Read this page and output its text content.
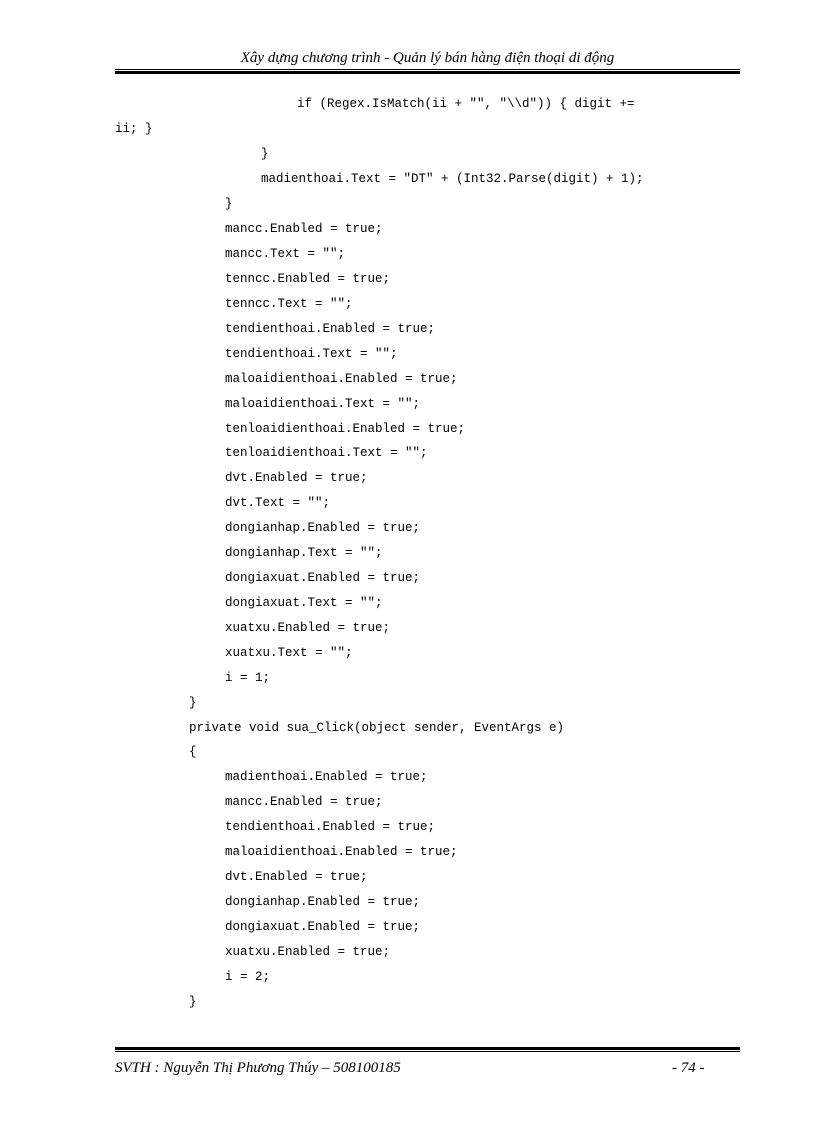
Xây dựng chương trình - Quản lý bán hàng điện thoại di động
if (Regex.IsMatch(ii + "", "\\d")) { digit +=
ii; }
}
madienthoai.Text = "DT" + (Int32.Parse(digit) + 1);
}
mancc.Enabled = true;
mancc.Text = "";
tenncc.Enabled = true;
tenncc.Text = "";
tendienthoai.Enabled = true;
tendienthoai.Text = "";
maloaidienthoai.Enabled = true;
maloaidienthoai.Text = "";
tenloaidienthoai.Enabled = true;
tenloaidienthoai.Text = "";
dvt.Enabled = true;
dvt.Text = "";
dongianhap.Enabled = true;
dongianhap.Text = "";
dongiaxuat.Enabled = true;
dongiaxuat.Text = "";
xuatxu.Enabled = true;
xuatxu.Text = "";
i = 1;
}
private void sua_Click(object sender, EventArgs e)
{
madienthoai.Enabled = true;
mancc.Enabled = true;
tendienthoai.Enabled = true;
maloaidienthoai.Enabled = true;
dvt.Enabled = true;
dongianhap.Enabled = true;
dongiaxuat.Enabled = true;
xuatxu.Enabled = true;
i = 2;
}
SVTH : Nguyễn Thị Phương Thúy – 508100185	- 74 -
